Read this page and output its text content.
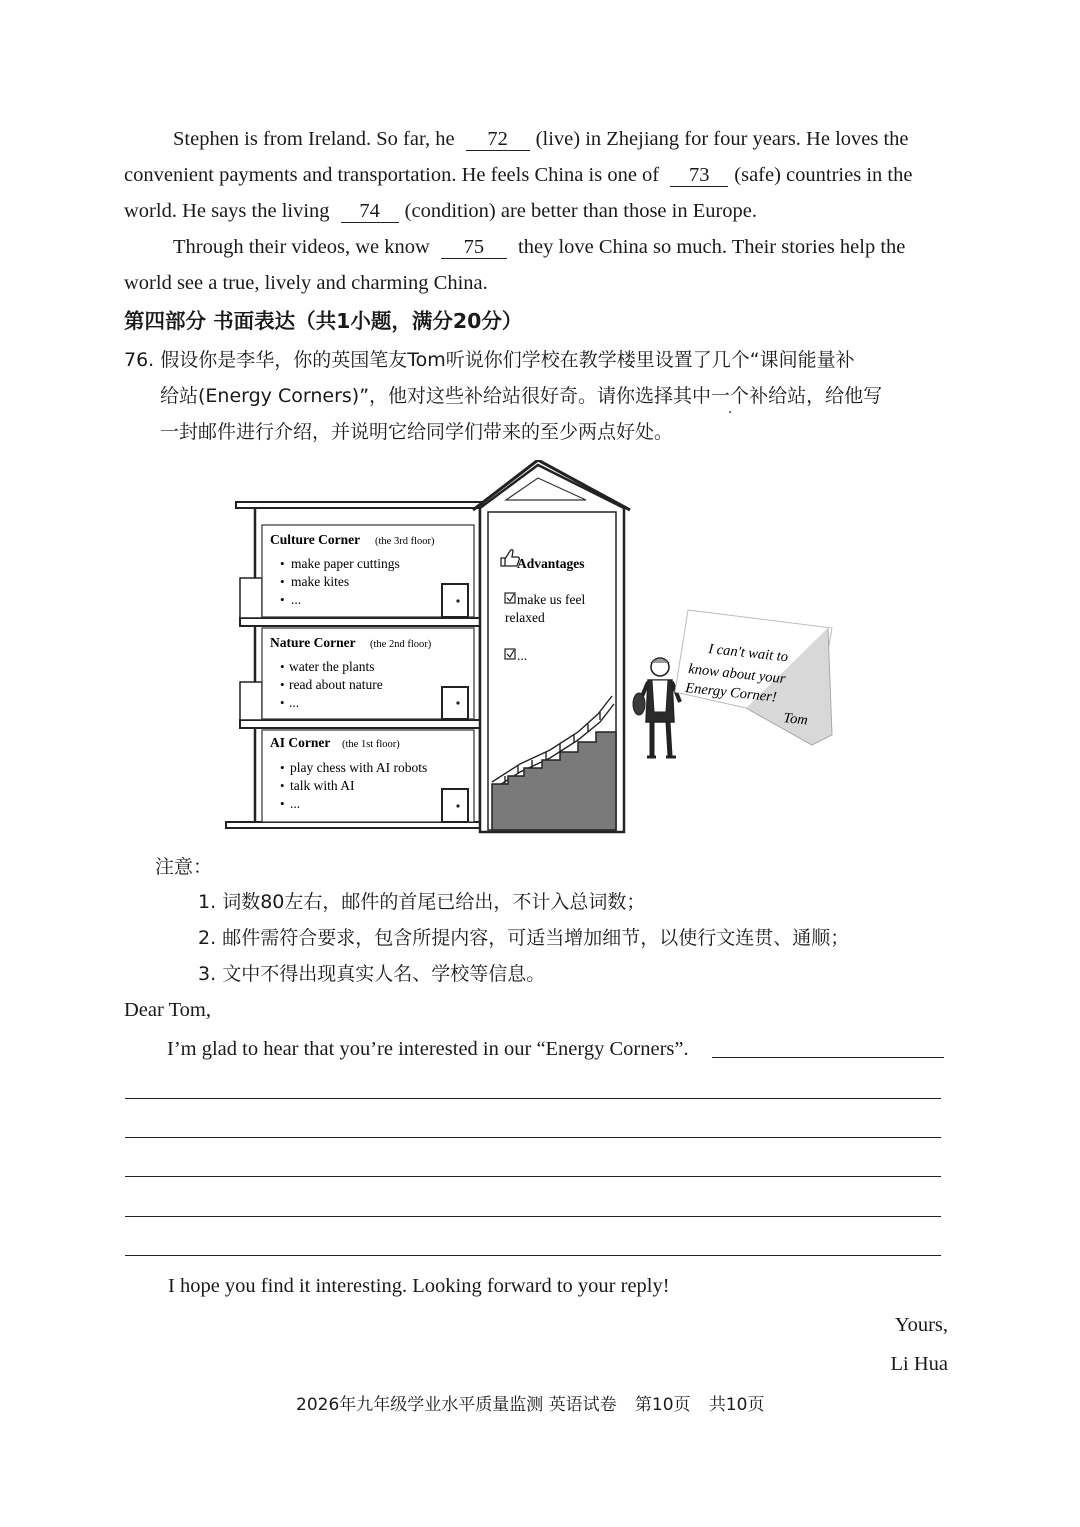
Stephen is from Ireland. So far, he 72 (live) in Zhejiang for four years. He loves the
convenient payments and transportation. He feels China is one of 73 (safe) countries in the
world. He says the living 74 (condition) are better than those in Europe.
Through their videos, we know 75 they love China so much. Their stories help the
world see a true, lively and charming China.
第四部分 书面表达（共1小题，满分20分）
76. 假设你是李华，你的英国笔友Tom听说你们学校在教学楼里设置了几个“课间能量补
给站(Energy Corners)”，他对这些补给站很好奇。请你选择其中一个补给站，给他写
一封邮件进行介绍，并说明它给同学们带来的至少两点好处。
Culture Corner (the 3rd floor)
• make paper cuttings
• make kites
• ...
Nature Corner (the 2nd floor)
• water the plants
• read about nature
• ...
AI Corner (the 1st floor)
• play chess with AI robots
• talk with AI
• ...
Advantages
make us feel
relaxed
...	I can't wait to
know about your
Energy Corner!
Tom
注意：
1. 词数80左右，邮件的首尾已给出，不计入总词数；
2. 邮件需符合要求，包含所提内容，可适当增加细节，以使行文连贯、通顺；
3. 文中不得出现真实人名、学校等信息。
Dear Tom,
I’m glad to hear that you’re interested in our “Energy Corners”.
I hope you find it interesting. Looking forward to your reply!
Yours,
Li Hua
2026年九年级学业水平质量监测 英语试卷 第10页 共10页
